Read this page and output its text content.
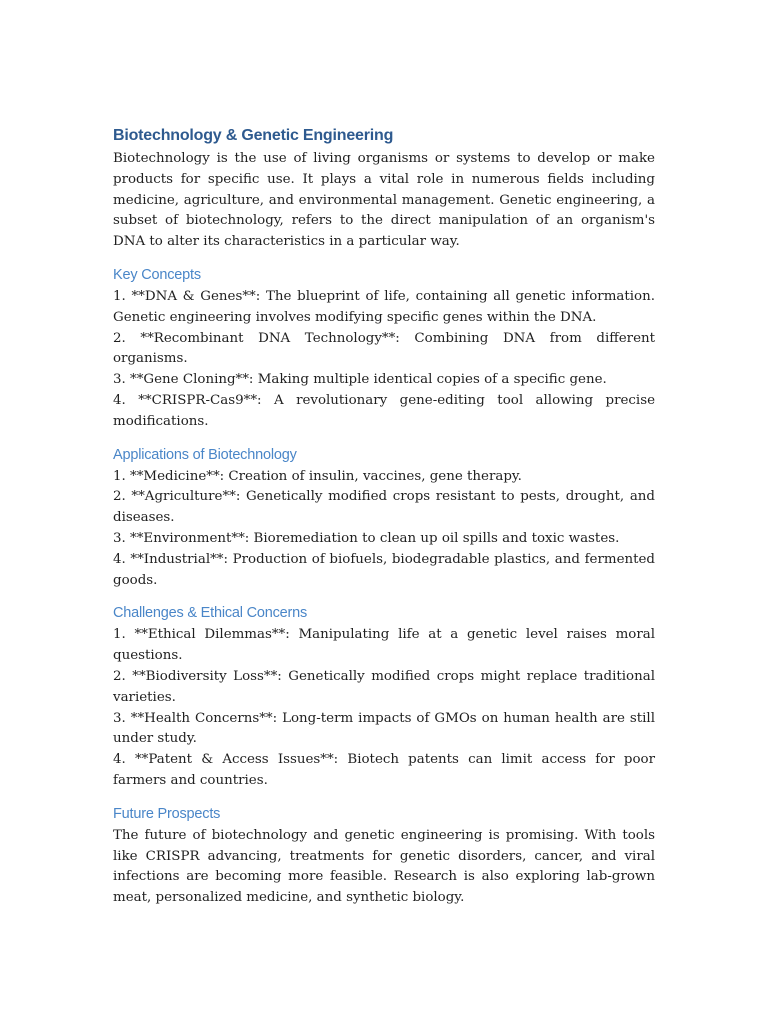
Biotechnology & Genetic Engineering

Biotechnology is the use of living organisms or systems to develop or make products for specific use. It plays a vital role in numerous fields including medicine, agriculture, and environmental management. Genetic engineering, a subset of biotechnology, refers to the direct manipulation of an organism's DNA to alter its characteristics in a particular way.

Key Concepts
1. **DNA & Genes**: The blueprint of life, containing all genetic information. Genetic engineering involves modifying specific genes within the DNA.
2. **Recombinant DNA Technology**: Combining DNA from different organisms.
3. **Gene Cloning**: Making multiple identical copies of a specific gene.
4. **CRISPR-Cas9**: A revolutionary gene-editing tool allowing precise modifications.
Applications of Biotechnology
1. **Medicine**: Creation of insulin, vaccines, gene therapy.
2. **Agriculture**: Genetically modified crops resistant to pests, drought, and diseases.
3. **Environment**: Bioremediation to clean up oil spills and toxic wastes.
4. **Industrial**: Production of biofuels, biodegradable plastics, and fermented goods.
Challenges & Ethical Concerns
1. **Ethical Dilemmas**: Manipulating life at a genetic level raises moral questions.
2. **Biodiversity Loss**: Genetically modified crops might replace traditional varieties.
3. **Health Concerns**: Long-term impacts of GMOs on human health are still under study.
4. **Patent & Access Issues**: Biotech patents can limit access for poor farmers and countries.
Future Prospects

The future of biotechnology and genetic engineering is promising. With tools like CRISPR advancing, treatments for genetic disorders, cancer, and viral infections are becoming more feasible. Research is also exploring lab-grown meat, personalized medicine, and synthetic biology.
